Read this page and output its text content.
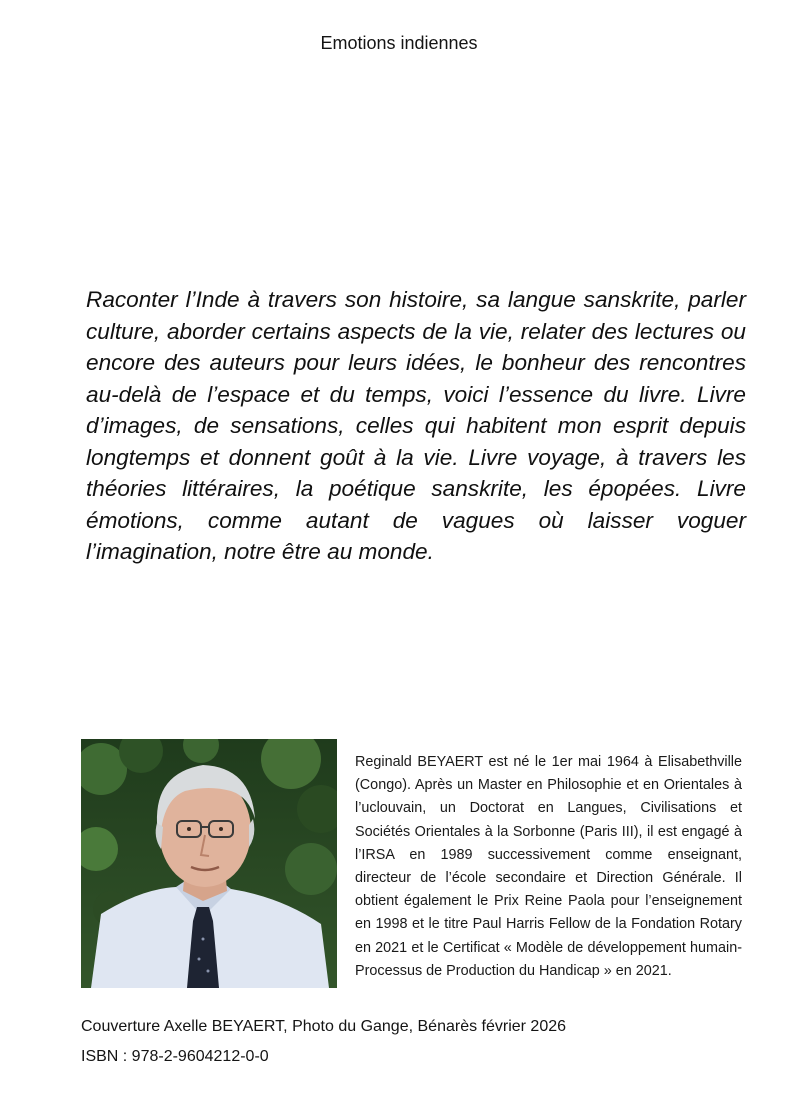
Emotions indiennes

Raconter l’Inde à travers son histoire, sa langue sanskrite, parler culture, aborder certains aspects de la vie, relater des lectures ou encore des auteurs pour leurs idées, le bonheur des rencontres au-delà de l’espace et du temps, voici l’essence du livre. Livre d’images, de sensations, celles qui habitent mon esprit depuis longtemps et donnent goût à la vie. Livre voyage, à travers les théories littéraires, la poétique sanskrite, les épopées. Livre émotions, comme autant de vagues où laisser voguer l’imagination, notre être au monde.

Reginald BEYAERT est né le 1er mai 1964 à Elisabethville (Congo). Après un Master en Philosophie et en Orientales à l’uclouvain, un Doctorat en Langues, Civilisations et Sociétés Orientales à la Sorbonne (Paris III), il est engagé à l’IRSA en 1989 successivement comme enseignant, directeur de l’école secondaire et Direction Générale. Il obtient également le Prix Reine Paola pour l’enseignement en 1998 et le titre Paul Harris Fellow de la Fondation Rotary en 2021 et le Certificat « Modèle de développement humain-Processus de Production du Handicap » en 2021.

Couverture Axelle BEYAERT, Photo du Gange, Bénarès février 2026
ISBN : 978-2-9604212-0-0
